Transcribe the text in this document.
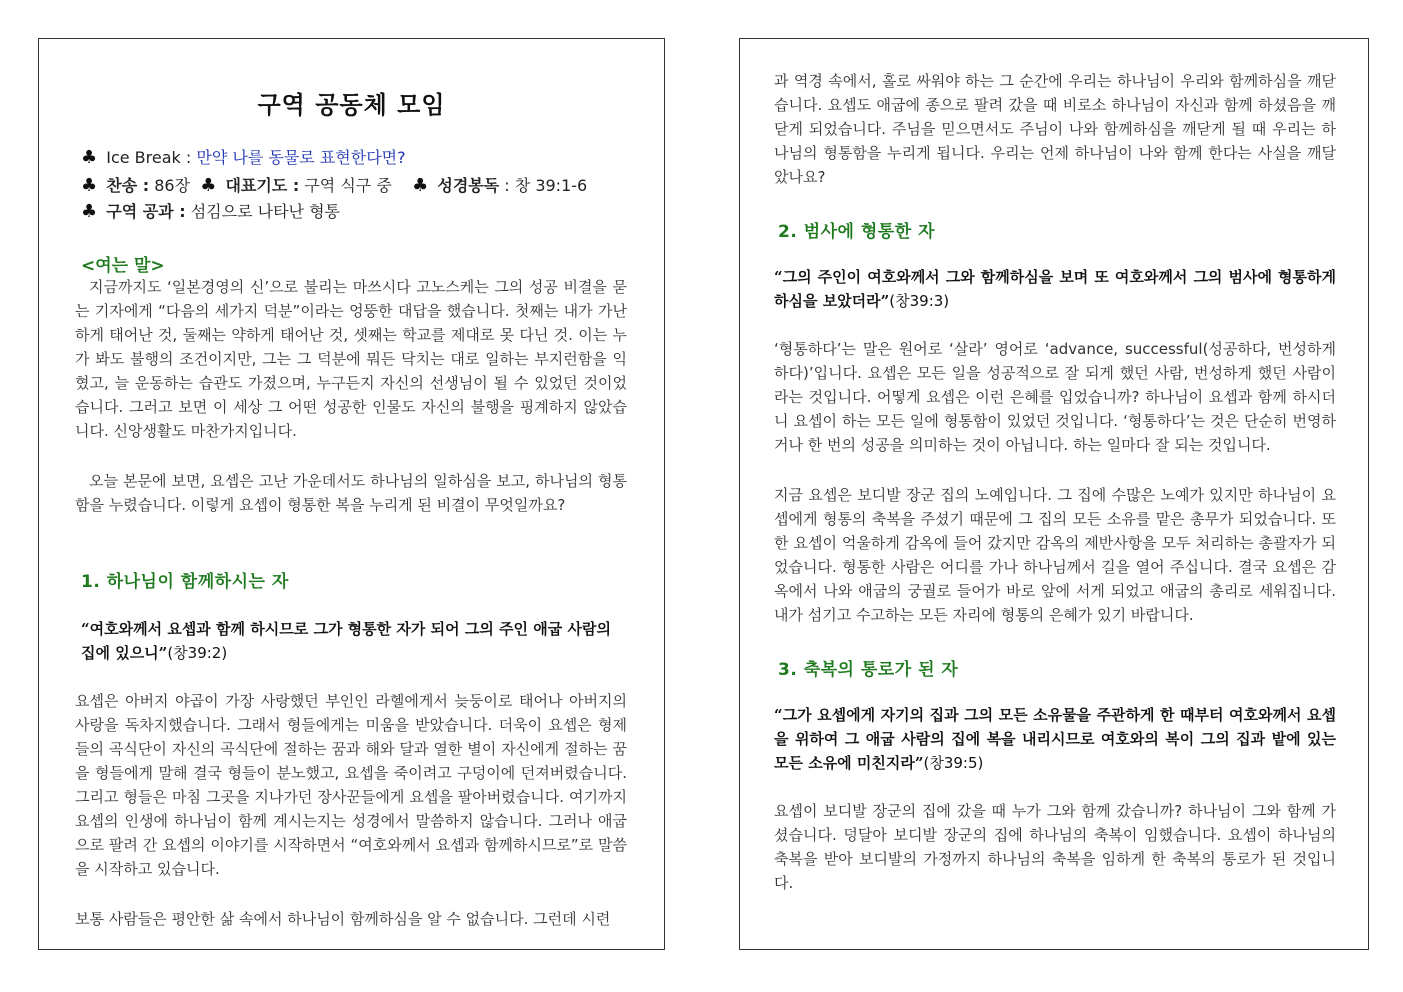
구역 공동체 모임
♣ Ice Break : 만약 나를 동물로 표현한다면?
♣ 찬송 : 86장 ♣ 대표기도 : 구역 식구 중 ♣ 성경봉독 : 창 39:1-6
♣ 구역 공과 : 섬김으로 나타난 형통
<여는 말>

지금까지도 ‘일본경영의 신’으로 불리는 마쓰시다 고노스케는 그의 성공 비결을 묻는 기자에게 “다음의 세가지 덕분”이라는 엉뚱한 대답을 했습니다. 첫째는 내가 가난하게 태어난 것, 둘째는 약하게 태어난 것, 셋째는 학교를 제대로 못 다닌 것. 이는 누가 봐도 불행의 조건이지만, 그는 그 덕분에 뭐든 닥치는 대로 일하는 부지런함을 익혔고, 늘 운동하는 습관도 가졌으며, 누구든지 자신의 선생님이 될 수 있었던 것이었습니다. 그러고 보면 이 세상 그 어떤 성공한 인물도 자신의 불행을 핑계하지 않았습니다. 신앙생활도 마찬가지입니다.

오늘 본문에 보면, 요셉은 고난 가운데서도 하나님의 일하심을 보고, 하나님의 형통함을 누렸습니다. 이렇게 요셉이 형통한 복을 누리게 된 비결이 무엇일까요?

1. 하나님이 함께하시는 자

“여호와께서 요셉과 함께 하시므로 그가 형통한 자가 되어 그의 주인 애굽 사람의 집에 있으니”(창39:2)

요셉은 아버지 야곱이 가장 사랑했던 부인인 라헬에게서 늦둥이로 태어나 아버지의 사랑을 독차지했습니다. 그래서 형들에게는 미움을 받았습니다. 더욱이 요셉은 형제들의 곡식단이 자신의 곡식단에 절하는 꿈과 해와 달과 열한 별이 자신에게 절하는 꿈을 형들에게 말해 결국 형들이 분노했고, 요셉을 죽이려고 구덩이에 던져버렸습니다. 그리고 형들은 마침 그곳을 지나가던 장사꾼들에게 요셉을 팔아버렸습니다. 여기까지 요셉의 인생에 하나님이 함께 계시는지는 성경에서 말씀하지 않습니다. 그러나 애굽으로 팔려 간 요셉의 이야기를 시작하면서 “여호와께서 요셉과 함께하시므로”로 말씀을 시작하고 있습니다.

보통 사람들은 평안한 삶 속에서 하나님이 함께하심을 알 수 없습니다. 그런데 시련

과 역경 속에서, 홀로 싸워야 하는 그 순간에 우리는 하나님이 우리와 함께하심을 깨닫습니다. 요셉도 애굽에 종으로 팔려 갔을 때 비로소 하나님이 자신과 함께 하셨음을 깨닫게 되었습니다. 주님을 믿으면서도 주님이 나와 함께하심을 깨닫게 될 때 우리는 하나님의 형통함을 누리게 됩니다. 우리는 언제 하나님이 나와 함께 한다는 사실을 깨달았나요?

2. 범사에 형통한 자

“그의 주인이 여호와께서 그와 함께하심을 보며 또 여호와께서 그의 범사에 형통하게 하심을 보았더라”(창39:3)

‘형통하다’는 말은 원어로 ‘살라’ 영어로 ‘advance, successful(성공하다, 번성하게 하다)’입니다. 요셉은 모든 일을 성공적으로 잘 되게 했던 사람, 번성하게 했던 사람이라는 것입니다. 어떻게 요셉은 이런 은혜를 입었습니까? 하나님이 요셉과 함께 하시더니 요셉이 하는 모든 일에 형통함이 있었던 것입니다. ‘형통하다’는 것은 단순히 번영하거나 한 번의 성공을 의미하는 것이 아닙니다. 하는 일마다 잘 되는 것입니다.

지금 요셉은 보디발 장군 집의 노예입니다. 그 집에 수많은 노예가 있지만 하나님이 요셉에게 형통의 축복을 주셨기 때문에 그 집의 모든 소유를 맡은 총무가 되었습니다. 또한 요셉이 억울하게 감옥에 들어 갔지만 감옥의 제반사항을 모두 처리하는 총괄자가 되었습니다. 형통한 사람은 어디를 가나 하나님께서 길을 열어 주십니다. 결국 요셉은 감옥에서 나와 애굽의 궁궐로 들어가 바로 앞에 서게 되었고 애굽의 총리로 세워집니다. 내가 섬기고 수고하는 모든 자리에 형통의 은혜가 있기 바랍니다.

3. 축복의 통로가 된 자

“그가 요셉에게 자기의 집과 그의 모든 소유물을 주관하게 한 때부터 여호와께서 요셉을 위하여 그 애굽 사람의 집에 복을 내리시므로 여호와의 복이 그의 집과 밭에 있는 모든 소유에 미친지라”(창39:5)

요셉이 보디발 장군의 집에 갔을 때 누가 그와 함께 갔습니까? 하나님이 그와 함께 가셨습니다. 덩달아 보디발 장군의 집에 하나님의 축복이 임했습니다. 요셉이 하나님의 축복을 받아 보디발의 가정까지 하나님의 축복을 임하게 한 축복의 통로가 된 것입니다.
